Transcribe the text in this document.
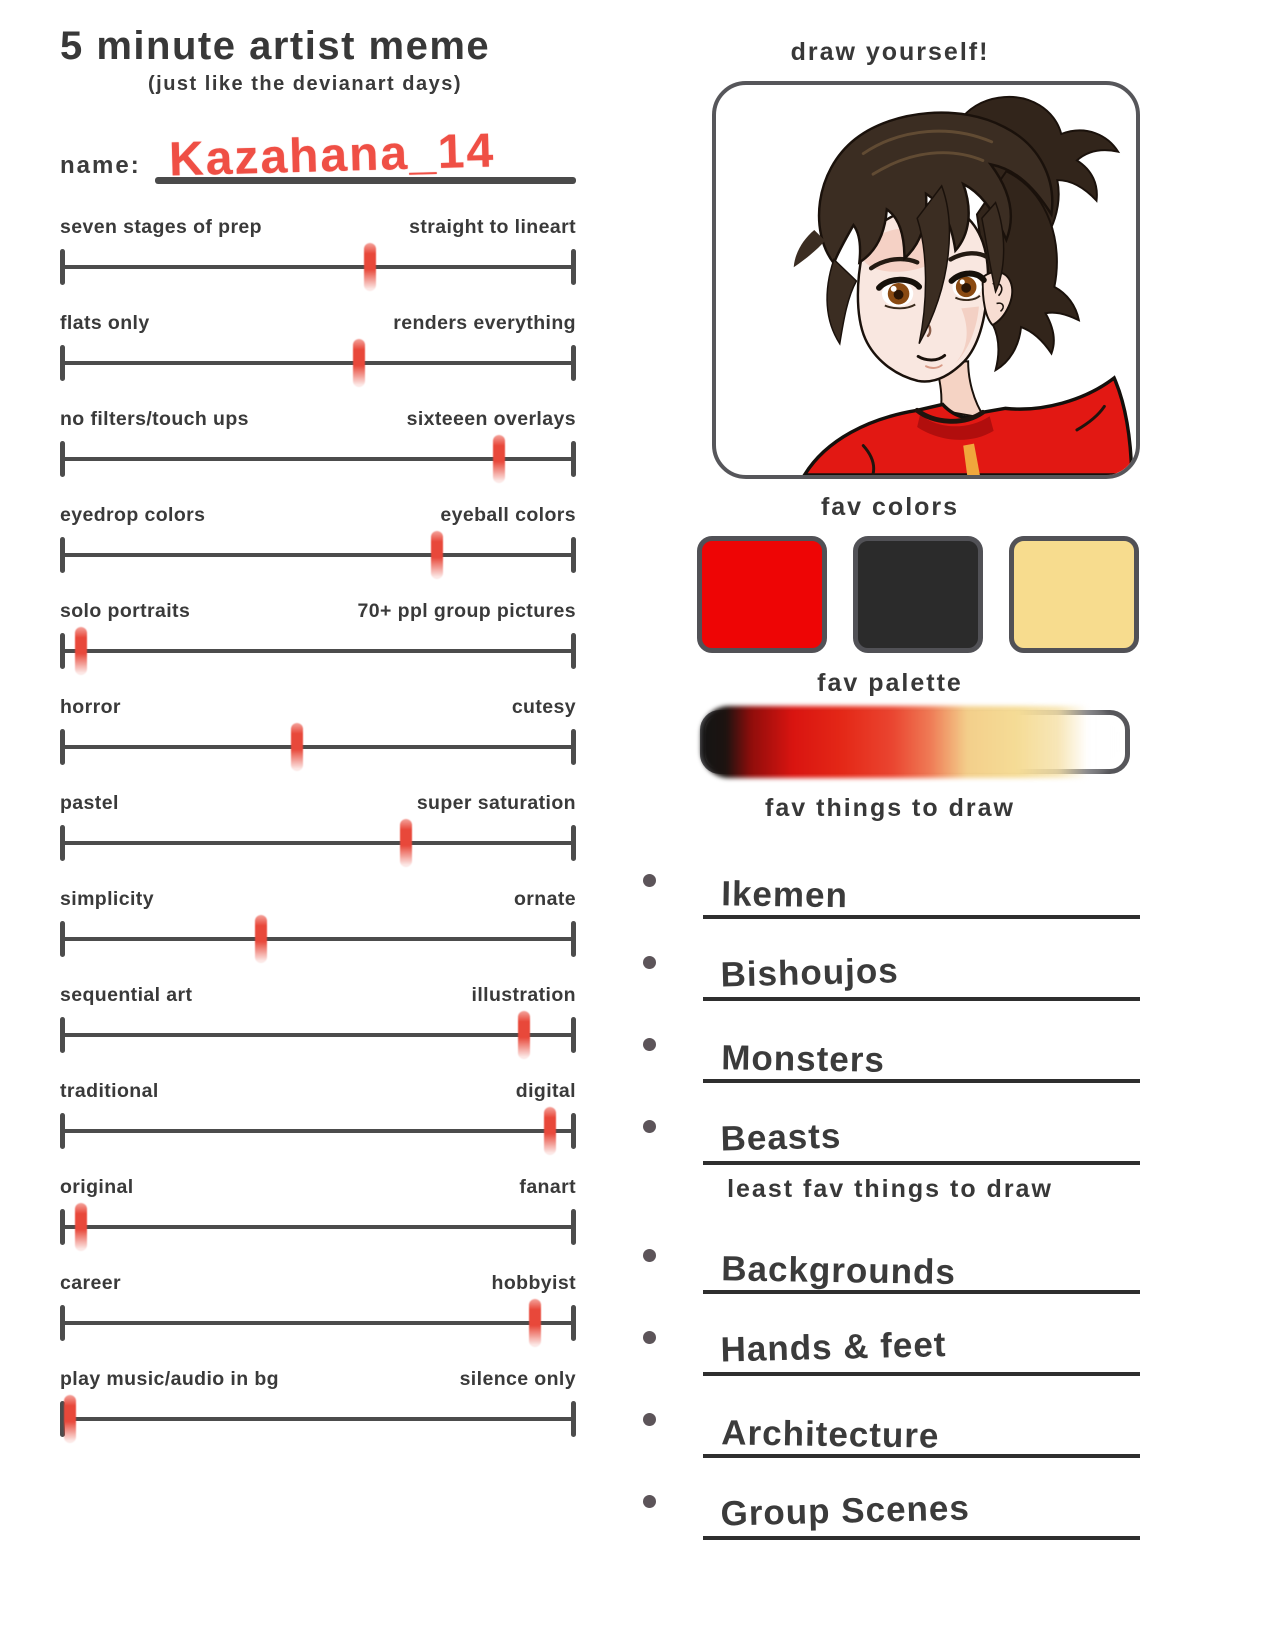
5 minute artist meme
(just like the devianart days)
name: Kazahana_14
seven stages of prep	straight to lineart
flats only	renders everything
no filters/touch ups	sixteeen overlays
eyedrop colors	eyeball colors
solo portraits	70+ ppl group pictures
horror	cutesy
pastel	super saturation
simplicity	ornate
sequential art	illustration
traditional	digital
original	fanart
career	hobbyist
play music/audio in bg	silence only
draw yourself!
fav colors
fav palette
fav things to draw
Ikemen
Bishoujos
Monsters
Beasts
least fav things to draw
Backgrounds
Hands & feet
Architecture
Group Scenes
